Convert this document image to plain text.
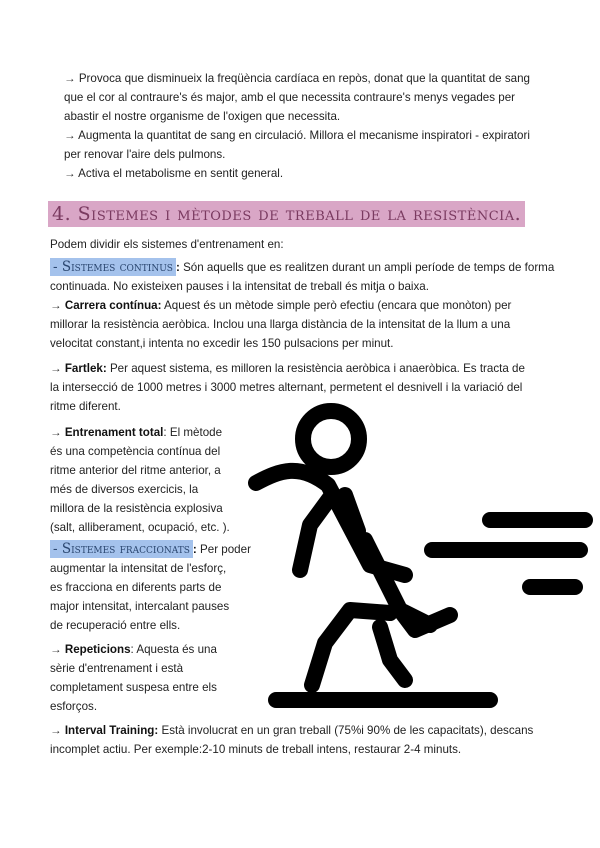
→ Provoca que disminueix la freqüència cardíaca en repòs, donat que la quantitat de sang
que el cor al contraure's és major, amb el que necessita contraure's menys vegades per
abastir el nostre organisme de l'oxigen que necessita.
→ Augmenta la quantitat de sang en circulació. Millora el mecanisme inspiratori - expiratori
per renovar l'aire dels pulmons.
→ Activa el metabolisme en sentit general.
4. Sistemes i mètodes de treball de la resistència.
Podem dividir els sistemes d'entrenament en:
- Sistemes continus : Són aquells que es realitzen durant un ampli període de temps de forma
continuada. No existeixen pauses i la intensitat de treball és mitja o baixa.
→ Carrera contínua: Aquest és un mètode simple però efectiu (encara que monòton) per
millorar la resistència aeròbica. Inclou una llarga distància de la intensitat de la llum a una
velocitat constant,i intenta no excedir les 150 pulsacions per minut.
→ Fartlek: Per aquest sistema, es milloren la resistència aeròbica i anaeròbica. Es tracta de
la intersecció de 1000 metres i 3000 metres alternant, permetent el desnivell i la variació del
ritme diferent.
→ Entrenament total: El mètode
és una competència contínua del
ritme anterior del ritme anterior, a
més de diversos exercicis, la
millora de la resistència explosiva
(salt, alliberament, ocupació, etc. ).
- Sistemes fraccionats : Per poder
augmentar la intensitat de l'esforç,
es fracciona en diferents parts de
major intensitat, intercalant pauses
de recuperació entre ells.
→ Repeticions: Aquesta és una
sèrie d'entrenament i està
completament suspesa entre els
esforços.
→ Interval Training: Està involucrat en un gran treball (75%i 90% de les capacitats), descans
incomplet actiu. Per exemple:2-10 minuts de treball intens, restaurar 2-4 minuts.
